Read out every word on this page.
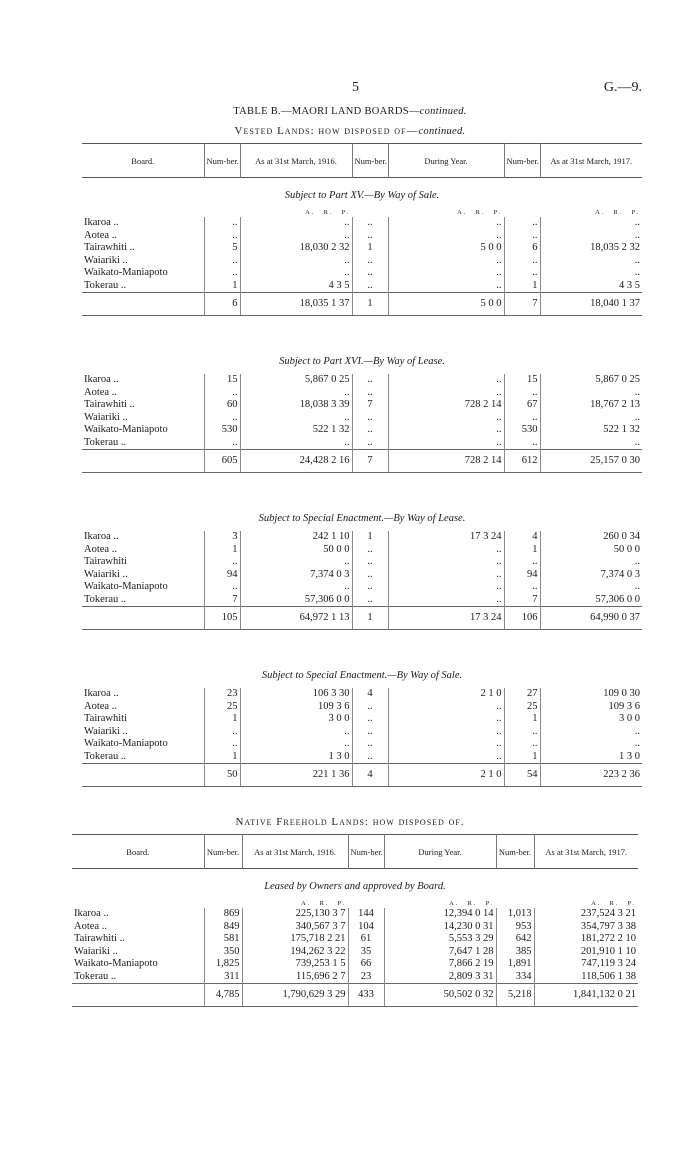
5	G.—9.
TABLE B.—MAORI LAND BOARDS—continued.
Vested Lands: how disposed of—continued.
Board.	Num-ber.	As at 31st March, 1916.	Num-ber.	During Year.	Num-ber.	As at 31st March, 1917.
Subject to Part XV.—By Way of Sale.						
		A. R. P.		A. R. P.		A. R. P.
Ikaroa ..	..	..	..	..	..	..
Aotea ..	..	..	..	..	..	..
Tairawhiti ..	5	18,030 2 32	1	5 0 0	6	18,035 2 32
Waiariki ..	..	..	..	..	..	..
Waikato-Maniapoto	..	..	..	..	..	..
Tokerau ..	1	4 3 5	..	..	1	4 3 5
	6	18,035 1 37	1	5 0 0	7	18,040 1 37

Subject to Part XVI.—By Way of Lease.						
Ikaroa ..	15	5,867 0 25	..	..	15	5,867 0 25
Aotea ..	..	..	..	..	..	..
Tairawhiti ..	60	18,038 3 39	7	728 2 14	67	18,767 2 13
Waiariki ..	..	..	..	..	..	..
Waikato-Maniapoto	530	522 1 32	..	..	530	522 1 32
Tokerau ..	..	..	..	..	..	..
	605	24,428 2 16	7	728 2 14	612	25,157 0 30

Subject to Special Enactment.—By Way of Lease.						
Ikaroa ..	3	242 1 10	1	17 3 24	4	260 0 34
Aotea ..	1	50 0 0	..	..	1	50 0 0
Tairawhiti	..	..	..	..	..	..
Waiariki ..	94	7,374 0 3	..	..	94	7,374 0 3
Waikato-Maniapoto	..	..	..	..	..	..
Tokerau ..	7	57,306 0 0	..	..	7	57,306 0 0
	105	64,972 1 13	1	17 3 24	106	64,990 0 37

Subject to Special Enactment.—By Way of Sale.						
Ikaroa ..	23	106 3 30	4	2 1 0	27	109 0 30
Aotea ..	25	109 3 6	..	..	25	109 3 6
Tairawhiti	1	3 0 0	..	..	1	3 0 0
Waiariki ..	..	..	..	..	..	..
Waikato-Maniapoto	..	..	..	..	..	..
Tokerau ..	1	1 3 0	..	..	1	1 3 0
	50	221 1 36	4	2 1 0	54	223 2 36
Native Freehold Lands: how disposed of.
Board.	Num-ber.	As at 31st March, 1916.	Num-ber.	During Year.	Num-ber.	As at 31st March, 1917.
Leased by Owners and approved by Board.						
		A. R. P.		A. R. P.		A. R. P.
Ikaroa ..	869	225,130 3 7	144	12,394 0 14	1,013	237,524 3 21
Aotea ..	849	340,567 3 7	104	14,230 0 31	953	354,797 3 38
Tairawhiti ..	581	175,718 2 21	61	5,553 3 29	642	181,272 2 10
Waiariki ..	350	194,262 3 22	35	7,647 1 28	385	201,910 1 10
Waikato-Maniapoto	1,825	739,253 1 5	66	7,866 2 19	1,891	747,119 3 24
Tokerau ..	311	115,696 2 7	23	2,809 3 31	334	118,506 1 38
	4,785	1,790,629 3 29	433	50,502 0 32	5,218	1,841,132 0 21
